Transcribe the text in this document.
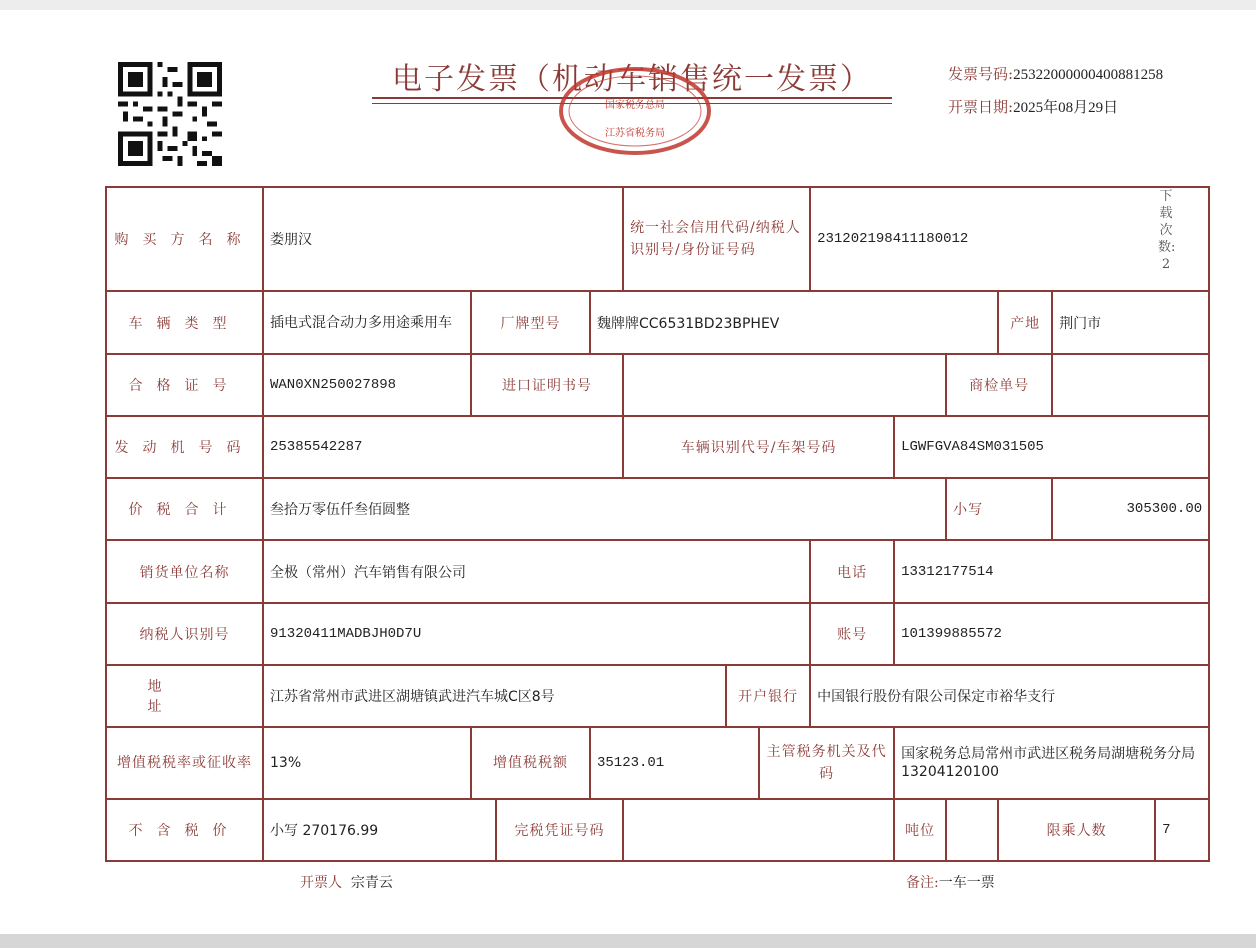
电子发票（机动车销售统一发票）
国家税务总局
江苏省税务局
发票号码:25322000000400881258
开票日期:2025年08月29日
下载次数: 2
购买方名称	娄朋汉				统一社会信用代码/纳税人识别号/身份证号码			231202198411180012					
车辆类型	插电式混合动力多用途乘用车	厂牌型号		魏牌牌CC6531BD23BPHEV							产地	荆门市	
合格证号	WAN0XN250027898	进口证明书号								商检单号			
发动机号码	25385542287				车辆识别代号/车架号码				LGWFGVA84SM031505				
价税合计	叁拾万零伍仟叁佰圆整									小写		305300.00	
销货单位名称	全极（常州）汽车销售有限公司							电话	13312177514				
纳税人识别号	91320411MADBJH0D7U							账号	101399885572				
地址	江苏省常州市武进区湖塘镇武进汽车城C区8号					开户银行		中国银行股份有限公司保定市裕华支行					
增值税税率或征收率	13%	增值税税额		35123.01			主管税务机关及代码		国家税务总局常州市武进区税务局湖塘税务分局13204120100				
不含税价	小写 270176.99		完税凭证号码						吨位		限乘人数		7
开票人 宗青云	备注:一车一票
